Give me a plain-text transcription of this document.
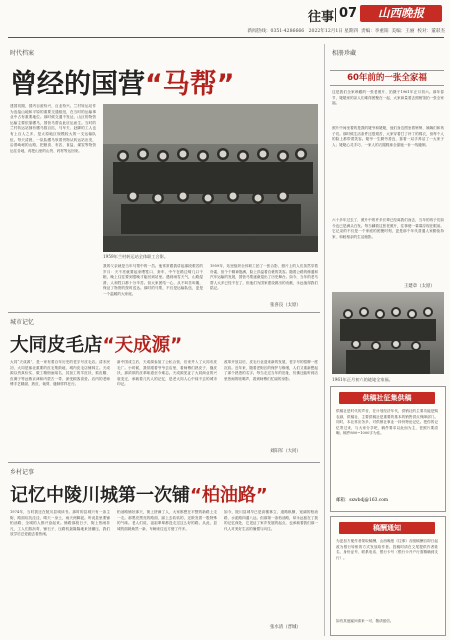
往事 07	山西晚报
新闻热线：0351-4286666 2022年12月1日 星期四 责编：李重阳 美编：王丽 校对：董彩杰
时代档案
曾经的国营“马帮”
建国初期，国内百废待兴，百业待兴。兰村转运站作为连接山地和平原的重要交通枢纽，在当时的运输事业中占有重要地位。那时候交通不发达，山区的物资运输主要依靠骡马，国营马帮由此应运而生。当时的兰村转运站拥有骡马数百匹，马车夫、赶脚的工人也有上百人之多，是太原地区规模较大的一支运输队伍。每天清晨，一队队骡马驮着货物从转运站出发，沿着崎岖的山路，把粮食、布匹、食盐、煤炭等物资运往各地，再把山里的山货、药材等运回来。
1959年兰村转运站全体职工合影。
我的父亲就是当年马帮中的一员。他常常跟我讲起那段艰苦的岁月：天不亮就要起来喂牲口、套车，中午在路边啃几口干粮，晚上往往要到很晚才能回到站里。遇到雨雪天气，山路湿滑，人和牲口都十分辛苦。但大家团结一心，从不叫苦叫累，保证了物资的按时送达。那时的马帮，不仅是运输队伍，更是一个温暖的大家庭。
1959年，站里组织全体职工拍了一张合影，照片上的人们虽然穿着朴素，但个个精神饱满，脸上洋溢着自豪的笑容。随着公路的修通和汽车运输的发展，国营马帮逐渐退出了历史舞台。如今，当年的老马帮人大多已经不在了，但他们为国家建设做出的贡献，永远值得我们铭记。
张喜良（太原）
城市记忆
大同皮毛店“天成源”
大同“天成源”，是一家有着百年历史的老字号皮毛店。清末民初，大同是塞北重要的皮毛集散地，城内皮毛店铺林立。天成源以货真价实、做工精细而闻名，其加工的羊皮袄、狐皮帽、皮褥子等远销京津和内蒙古一带，深受顾客喜爱。店内的老师傅手艺精湛，熟皮、裁剪、缝制样样在行。
新中国成立后，天成源参加了公私合营，后来并入了大同市皮毛厂。小时候，我常跟着爷爷去店里，看师傅们熟皮子、缝皮袄，那浓浓的皮革味道至今难忘。天成源见证了大同商业的兴衰变迁，承载着几代人的记忆，是老大同人心中抹不去的城市印记。
改革开放以后，皮毛行业迎来新的发展，老字号的招牌一度沉寂。近年来，随着老街区的保护与修缮，人们又重新想起了那个熟悉的名字。每当走过当年的旧址，仿佛还能听到店里热闹的吆喝声，看到师傅们忙碌的身影。
刘阳军（大同）
乡村记事
记忆中陵川城第一次铺“柏油路”
1974年，当时我还在陵川县城读书。那时的县城只有一条主街，路面坑坑洼洼，晴天一身土，雨天两脚泥。听说县里要铺柏油路，全城的人都兴奋起来。铺路那段日子，街上热闹非凡，工人们熬沥青、铺石子、压路机轰隆隆地来回碾压，我们放学后总爱跑去看热闹。
柏油路铺好那天，街上挤满了人，大家都想在平整的新路上走一走。那黑亮黑亮的路面，踩上去软软的，还散发着一股特殊的气味。老人们说，祖祖辈辈都没走过这么好的路。从此，县城的面貌焕然一新，车辆来往也方便了许多。
如今，陵川县城早已是高楼林立、道路纵横，宽阔的柏油路、水泥路四通八达。但那第一条柏油路，却永远留在了我的记忆深处，它见证了家乡发展的起点，也承载着我们那一代人对美好生活的憧憬与向往。
张水清（晋城）
相册珍藏
60年前的一张全家福
这是我们全家珍藏的一张老照片，拍摄于1961年正月初六。那年春节，姥姥家的亲人们难得团聚在一起，大家商量着去照相馆拍一张全家福。
照片中间坐着的是我的姥爷和姥姥，他们身边围坐着舅舅、姨姨们和孩子们。那时候生活条件还很艰苦，大家穿着打了补丁的棉衣，但每个人的脸上都带着笑容。姥爷一生勤劳善良，靠着一双手养活了一大家子人；姥姥心灵手巧，一家人的衣服鞋袜全靠她一针一线缝制。
六十多年过去了，照片中的许多长辈已经离我们而去，当年的孩子们如今也已是满头白发。每当翻看这张老照片，往事便一幕幕浮现在眼前。它记录的不仅是一个家庭的团聚时刻，更是那个年代普通人家勤俭持家、和睦相亲的生活缩影。
王建章（太原）
1961年正月初六的姥姥全家福。
供稿社征集供稿
供稿社是时代的声音，在计划经济年代，供销社的主要功能是购农副，供稿社，主要供稿社是重要的基本的销售供点保障部门。同时，本社常应务多，对供销社事业一持份特论记忆。把你的记忆寄过来，与大家分享吧，稿件要求以此而为主，老照片要清晰。稿件800~1000字为佳。
邮箱：sxwbdj@163.com
稿酬通知
为更加方便作者领取稿酬，山西晚报《往事》各版稿酬自即日起改为银行转账的方式发放给作者。投稿时请在文尾提供作者姓名、身份证号、联系电话、银行卡号（银行卡开户行需精确到支行）。
如有其他疑问请来一可，敬请留信。
